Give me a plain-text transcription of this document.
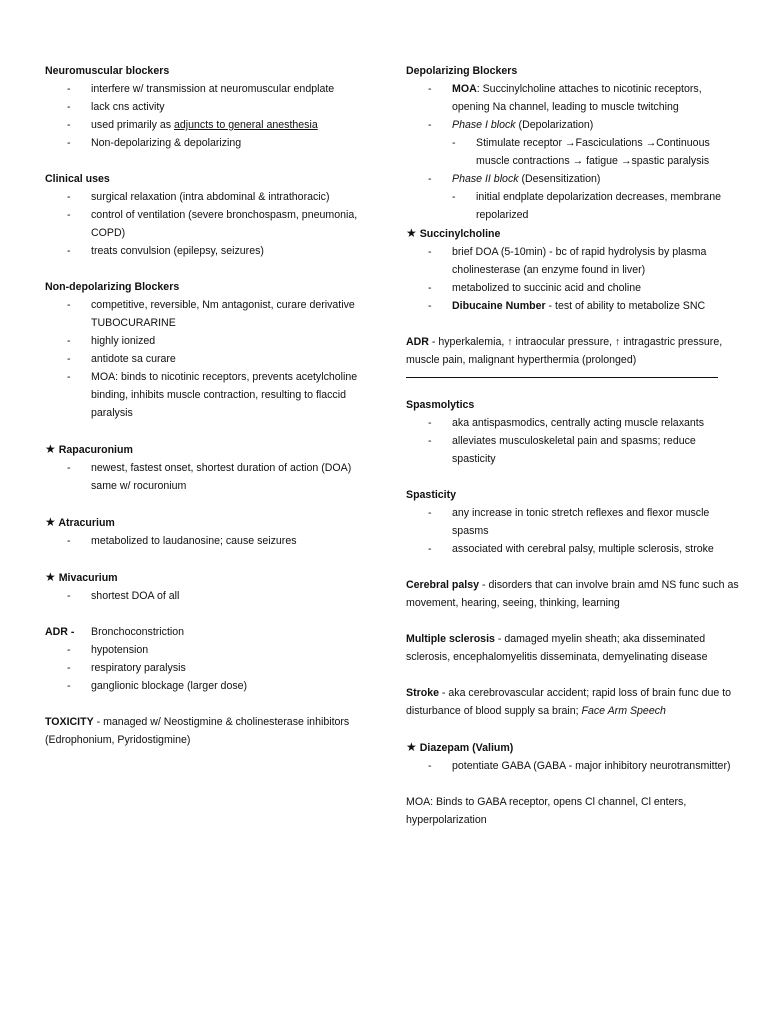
Neuromuscular blockers

- interfere w/ transmission at neuromuscular endplate
- lack cns activity
- used primarily as adjuncts to general anesthesia
- Non-depolarizing & depolarizing

Clinical uses

- surgical relaxation (intra abdominal & intrathoracic)
- control of ventilation (severe bronchospasm, pneumonia, COPD)
- treats convulsion (epilepsy, seizures)

Non-depolarizing Blockers

- competitive, reversible, Nm antagonist, curare derivative TUBOCURARINE
- highly ionized
- antidote sa curare
- MOA: binds to nicotinic receptors, prevents acetylcholine binding, inhibits muscle contraction, resulting to flaccid paralysis

★ Rapacuronium

- newest, fastest onset, shortest duration of action (DOA) same w/ rocuronium

★ Atracurium

- metabolized to laudanosine; cause seizures

★ Mivacurium

- shortest DOA of all
ADR - Bronchoconstriction
- hypotension
- respiratory paralysis
- ganglionic blockage (larger dose)

TOXICITY - managed w/ Neostigmine & cholinesterase inhibitors (Edrophonium, Pyridostigmine)

Depolarizing Blockers

- MOA: Succinylcholine attaches to nicotinic receptors, opening Na channel, leading to muscle twitching
- Phase I block (Depolarization)
- Stimulate receptor →Fasciculations →Continuous muscle contractions → fatigue →spastic paralysis
- Phase II block (Desensitization)
- initial endplate depolarization decreases, membrane repolarized

★ Succinylcholine

- brief DOA (5-10min) - bc of rapid hydrolysis by plasma cholinesterase (an enzyme found in liver)
- metabolized to succinic acid and choline
- Dibucaine Number - test of ability to metabolize SNC

ADR - hyperkalemia, ↑ intraocular pressure, ↑ intragastric pressure, muscle pain, malignant hyperthermia (prolonged)

Spasmolytics

- aka antispasmodics, centrally acting muscle relaxants
- alleviates musculoskeletal pain and spasms; reduce spasticity

Spasticity

- any increase in tonic stretch reflexes and flexor muscle spasms
- associated with cerebral palsy, multiple sclerosis, stroke

Cerebral palsy - disorders that can involve brain amd NS func such as movement, hearing, seeing, thinking, learning

Multiple sclerosis - damaged myelin sheath; aka disseminated sclerosis, encephalomyelitis disseminata, demyelinating disease

Stroke - aka cerebrovascular accident; rapid loss of brain func due to disturbance of blood supply sa brain; Face Arm Speech

★ Diazepam (Valium)

- potentiate GABA (GABA - major inhibitory neurotransmitter)

MOA: Binds to GABA receptor, opens Cl channel, Cl enters, hyperpolarization
